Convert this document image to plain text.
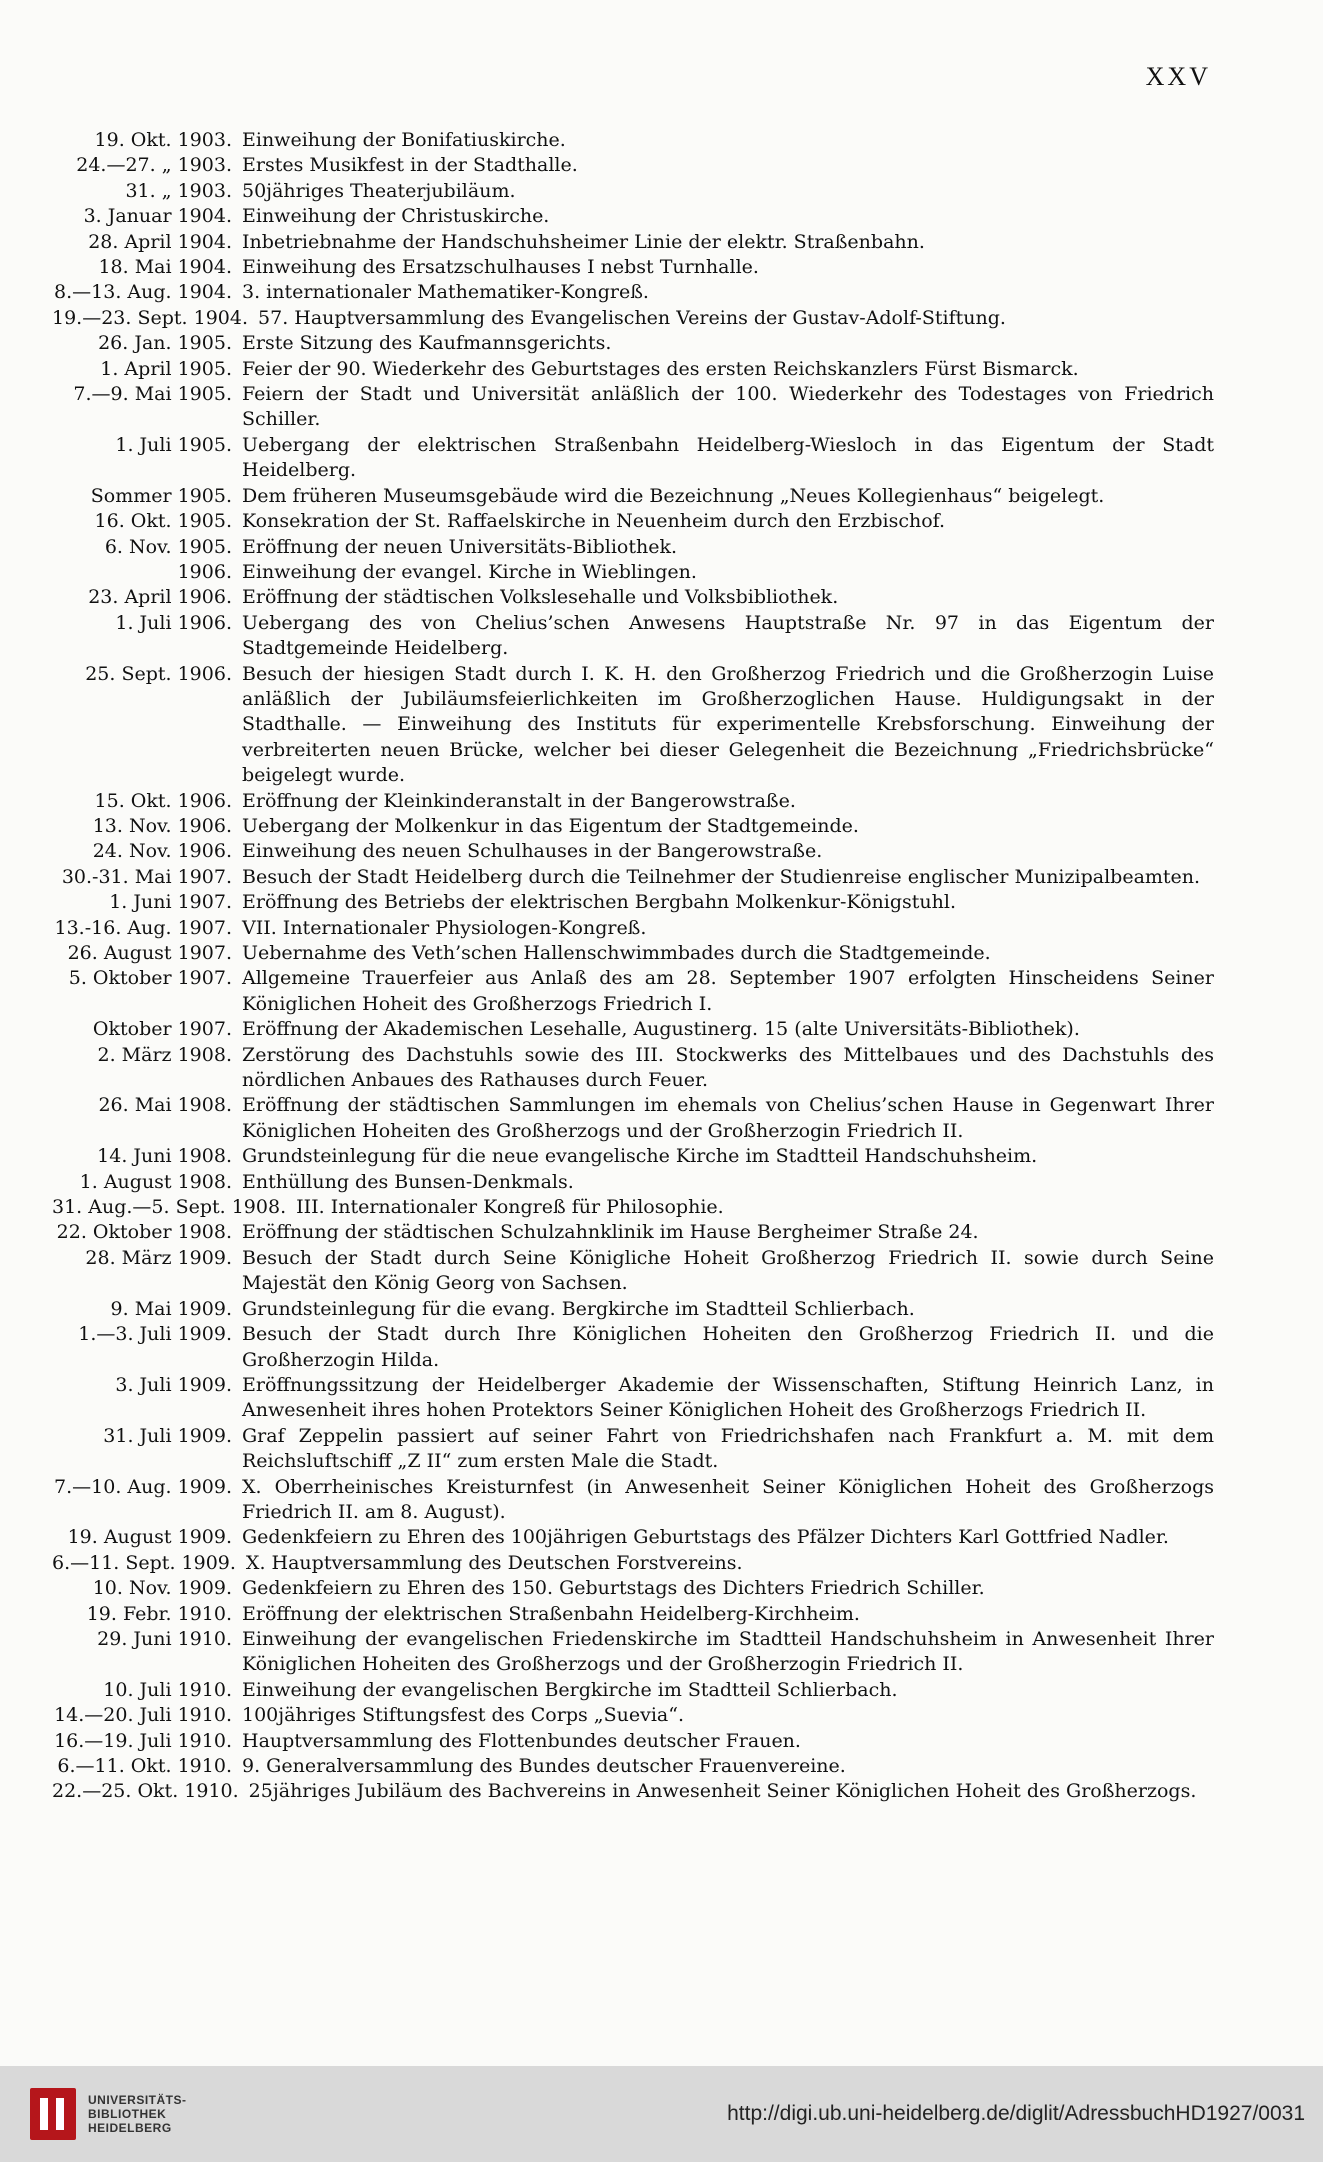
XXV
19. Okt. 1903. Einweihung der Bonifatiuskirche.
24.—27. „ 1903. Erstes Musikfest in der Stadthalle.
31. „ 1903. 50jähriges Theaterjubiläum.
3. Januar 1904. Einweihung der Christuskirche.
28. April 1904. Inbetriebnahme der Handschuhsheimer Linie der elektr. Straßenbahn.
18. Mai 1904. Einweihung des Ersatzschulhauses I nebst Turnhalle.
8.—13. Aug. 1904. 3. internationaler Mathematiker-Kongreß.
19.—23. Sept. 1904. 57. Hauptversammlung des Evangelischen Vereins der Gustav-Adolf-Stiftung.
26. Jan. 1905. Erste Sitzung des Kaufmannsgerichts.
1. April 1905. Feier der 90. Wiederkehr des Geburtstages des ersten Reichskanzlers Fürst Bismarck.
7.—9. Mai 1905. Feiern der Stadt und Universität anläßlich der 100. Wiederkehr des Todestages von Friedrich Schiller.
1. Juli 1905. Uebergang der elektrischen Straßenbahn Heidelberg-Wiesloch in das Eigentum der Stadt Heidelberg.
Sommer 1905. Dem früheren Museumsgebäude wird die Bezeichnung „Neues Kollegienhaus“ beigelegt.
16. Okt. 1905. Konsekration der St. Raffaelskirche in Neuenheim durch den Erzbischof.
6. Nov. 1905. Eröffnung der neuen Universitäts-Bibliothek.
1906. Einweihung der evangel. Kirche in Wieblingen.
23. April 1906. Eröffnung der städtischen Volkslesehalle und Volksbibliothek.
1. Juli 1906. Uebergang des von Chelius’schen Anwesens Hauptstraße Nr. 97 in das Eigentum der Stadtgemeinde Heidelberg.
25. Sept. 1906. Besuch der hiesigen Stadt durch I. K. H. den Großherzog Friedrich und die Großherzogin Luise anläßlich der Jubiläumsfeierlichkeiten im Großherzoglichen Hause. Huldigungsakt in der Stadthalle. — Einweihung des Instituts für experimentelle Krebsforschung. Einweihung der verbreiterten neuen Brücke, welcher bei dieser Gelegenheit die Bezeichnung „Friedrichsbrücke“ beigelegt wurde.
15. Okt. 1906. Eröffnung der Kleinkinderanstalt in der Bangerowstraße.
13. Nov. 1906. Uebergang der Molkenkur in das Eigentum der Stadtgemeinde.
24. Nov. 1906. Einweihung des neuen Schulhauses in der Bangerowstraße.
30.-31. Mai 1907. Besuch der Stadt Heidelberg durch die Teilnehmer der Studienreise englischer Munizipalbeamten.
1. Juni 1907. Eröffnung des Betriebs der elektrischen Bergbahn Molkenkur-Königstuhl.
13.-16. Aug. 1907. VII. Internationaler Physiologen-Kongreß.
26. August 1907. Uebernahme des Veth’schen Hallenschwimmbades durch die Stadtgemeinde.
5. Oktober 1907. Allgemeine Trauerfeier aus Anlaß des am 28. September 1907 erfolgten Hinscheidens Seiner Königlichen Hoheit des Großherzogs Friedrich I.
Oktober 1907. Eröffnung der Akademischen Lesehalle, Augustinerg. 15 (alte Universitäts-Bibliothek).
2. März 1908. Zerstörung des Dachstuhls sowie des III. Stockwerks des Mittelbaues und des Dachstuhls des nördlichen Anbaues des Rathauses durch Feuer.
26. Mai 1908. Eröffnung der städtischen Sammlungen im ehemals von Chelius’schen Hause in Gegenwart Ihrer Königlichen Hoheiten des Großherzogs und der Großherzogin Friedrich II.
14. Juni 1908. Grundsteinlegung für die neue evangelische Kirche im Stadtteil Handschuhsheim.
1. August 1908. Enthüllung des Bunsen-Denkmals.
31. Aug.—5. Sept. 1908. III. Internationaler Kongreß für Philosophie.
22. Oktober 1908. Eröffnung der städtischen Schulzahnklinik im Hause Bergheimer Straße 24.
28. März 1909. Besuch der Stadt durch Seine Königliche Hoheit Großherzog Friedrich II. sowie durch Seine Majestät den König Georg von Sachsen.
9. Mai 1909. Grundsteinlegung für die evang. Bergkirche im Stadtteil Schlierbach.
1.—3. Juli 1909. Besuch der Stadt durch Ihre Königlichen Hoheiten den Großherzog Friedrich II. und die Großherzogin Hilda.
3. Juli 1909. Eröffnungssitzung der Heidelberger Akademie der Wissenschaften, Stiftung Heinrich Lanz, in Anwesenheit ihres hohen Protektors Seiner Königlichen Hoheit des Großherzogs Friedrich II.
31. Juli 1909. Graf Zeppelin passiert auf seiner Fahrt von Friedrichshafen nach Frankfurt a. M. mit dem Reichsluftschiff „Z II“ zum ersten Male die Stadt.
7.—10. Aug. 1909. X. Oberrheinisches Kreisturnfest (in Anwesenheit Seiner Königlichen Hoheit des Großherzogs Friedrich II. am 8. August).
19. August 1909. Gedenkfeiern zu Ehren des 100jährigen Geburtstags des Pfälzer Dichters Karl Gottfried Nadler.
6.—11. Sept. 1909. X. Hauptversammlung des Deutschen Forstvereins.
10. Nov. 1909. Gedenkfeiern zu Ehren des 150. Geburtstags des Dichters Friedrich Schiller.
19. Febr. 1910. Eröffnung der elektrischen Straßenbahn Heidelberg-Kirchheim.
29. Juni 1910. Einweihung der evangelischen Friedenskirche im Stadtteil Handschuhsheim in Anwesenheit Ihrer Königlichen Hoheiten des Großherzogs und der Großherzogin Friedrich II.
10. Juli 1910. Einweihung der evangelischen Bergkirche im Stadtteil Schlierbach.
14.—20. Juli 1910. 100jähriges Stiftungsfest des Corps „Suevia“.
16.—19. Juli 1910. Hauptversammlung des Flottenbundes deutscher Frauen.
6.—11. Okt. 1910. 9. Generalversammlung des Bundes deutscher Frauenvereine.
22.—25. Okt. 1910. 25jähriges Jubiläum des Bachvereins in Anwesenheit Seiner Königlichen Hoheit des Großherzogs.
UNIVERSITÄTS-
BIBLIOTHEK
HEIDELBERG
http://digi.ub.uni-heidelberg.de/diglit/AdressbuchHD1927/0031
